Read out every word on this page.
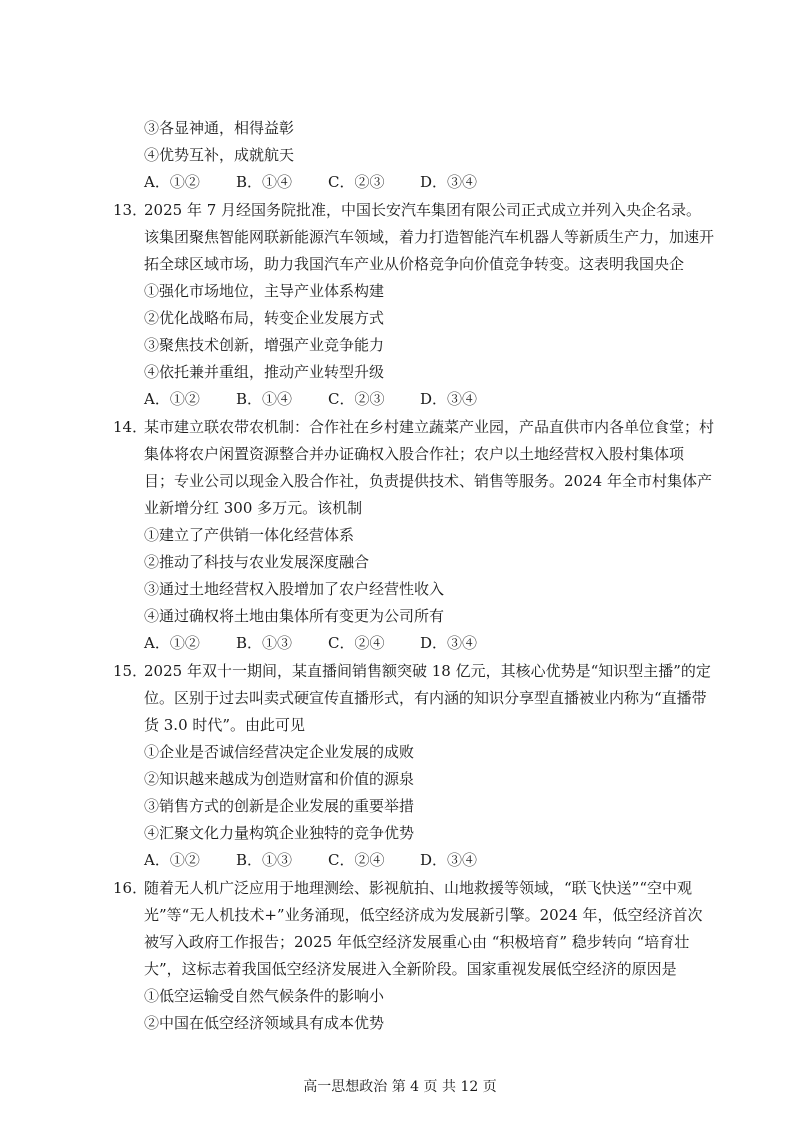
③各显神通，相得益彰
④优势互补，成就航天
A．①② B．①④ C．②③ D．③④
13．
2025 年 7 月经国务院批准，中国长安汽车集团有限公司正式成立并列入央企名录。
该集团聚焦智能网联新能源汽车领域，着力打造智能汽车机器人等新质生产力，加速开
拓全球区域市场，助力我国汽车产业从价格竞争向价值竞争转变。这表明我国央企
①强化市场地位，主导产业体系构建
②优化战略布局，转变企业发展方式
③聚焦技术创新，增强产业竞争能力
④依托兼并重组，推动产业转型升级
A．①② B．①④ C．②③ D．③④
14．
某市建立联农带农机制：合作社在乡村建立蔬菜产业园，产品直供市内各单位食堂；村
集体将农户闲置资源整合并办证确权入股合作社；农户以土地经营权入股村集体项
目；专业公司以现金入股合作社，负责提供技术、销售等服务。2024 年全市村集体产
业新增分红 300 多万元。该机制
①建立了产供销一体化经营体系
②推动了科技与农业发展深度融合
③通过土地经营权入股增加了农户经营性收入
④通过确权将土地由集体所有变更为公司所有
A．①② B．①③ C．②④ D．③④
15．
2025 年双十一期间，某直播间销售额突破 18 亿元，其核心优势是“知识型主播”的定
位。区别于过去叫卖式硬宣传直播形式，有内涵的知识分享型直播被业内称为“直播带
货 3.0 时代”。由此可见
①企业是否诚信经营决定企业发展的成败
②知识越来越成为创造财富和价值的源泉
③销售方式的创新是企业发展的重要举措
④汇聚文化力量构筑企业独特的竞争优势
A．①② B．①③ C．②④ D．③④
16．
随着无人机广泛应用于地理测绘、影视航拍、山地救援等领域，“联飞快送”“空中观
光”等“无人机技术+”业务涌现，低空经济成为发展新引擎。2024 年，低空经济首次
被写入政府工作报告；2025 年低空经济发展重心由 “积极培育” 稳步转向 “培育壮
大”，这标志着我国低空经济发展进入全新阶段。国家重视发展低空经济的原因是
①低空运输受自然气候条件的影响小
②中国在低空经济领域具有成本优势
高一思想政治 第 4 页 共 12 页
